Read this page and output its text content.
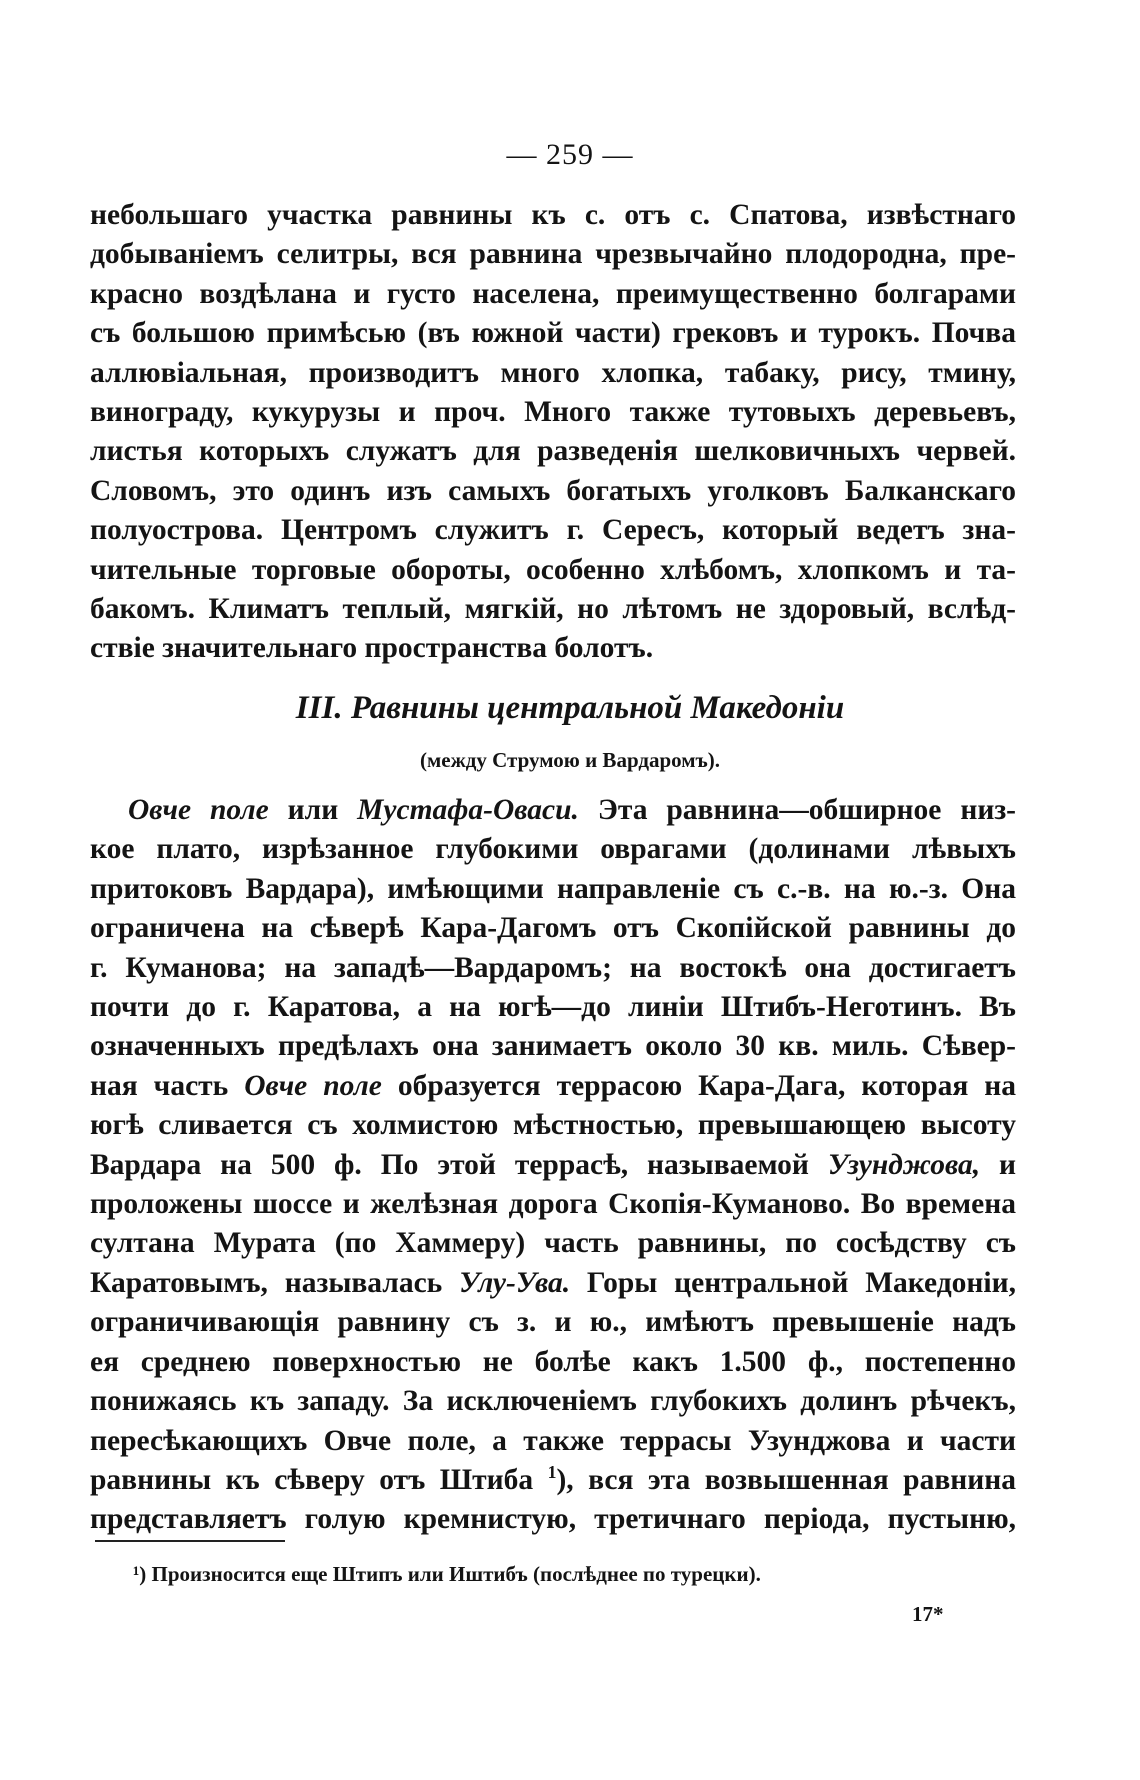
— 259 —
небольшаго участка равнины къ с. отъ с. Спатова, извѣстнаго
добываніемъ селитры, вся равнина чрезвычайно плодородна, пре-
красно воздѣлана и густо населена, преимущественно болгарами
съ большою примѣсью (въ южной части) грековъ и турокъ. Почва
аллювіальная, производитъ много хлопка, табаку, рису, тмину,
винограду, кукурузы и проч. Много также тутовыхъ деревьевъ,
листья которыхъ служатъ для разведенія шелковичныхъ червей.
Словомъ, это одинъ изъ самыхъ богатыхъ уголковъ Балканскаго
полуострова. Центромъ служитъ г. Сересъ, который ведетъ зна-
чительные торговые обороты, особенно хлѣбомъ, хлопкомъ и та-
бакомъ. Климатъ теплый, мягкій, но лѣтомъ не здоровый, вслѣд-
ствіе значительнаго пространства болотъ.
III. Равнины центральной Македоніи
(между Струмою и Вардаромъ).
Овче поле или Мустафа-Оваси. Эта равнина—обширное низ-
кое плато, изрѣзанное глубокими оврагами (долинами лѣвыхъ
притоковъ Вардара), имѣющими направленіе съ с.-в. на ю.-з. Она
ограничена на сѣверѣ Кара-Дагомъ отъ Скопійской равнины до
г. Куманова; на западѣ—Вардаромъ; на востокѣ она достигаетъ
почти до г. Каратова, а на югѣ—до линіи Штибъ-Неготинъ. Въ
означенныхъ предѣлахъ она занимаетъ около 30 кв. миль. Сѣвер-
ная часть Овче поле образуется террасою Кара-Дага, которая на
югѣ сливается съ холмистою мѣстностью, превышающею высоту
Вардара на 500 ф. По этой террасѣ, называемой Узунджова, и
проложены шоссе и желѣзная дорога Скопія-Куманово. Во времена
султана Мурата (по Хаммеру) часть равнины, по сосѣдству съ
Каратовымъ, называлась Улу-Ува. Горы центральной Македоніи,
ограничивающія равнину съ з. и ю., имѣютъ превышеніе надъ
ея среднею поверхностью не болѣе какъ 1.500 ф., постепенно
понижаясь къ западу. За исключеніемъ глубокихъ долинъ рѣчекъ,
пересѣкающихъ Овче поле, а также террасы Узунджова и части
равнины къ сѣверу отъ Штиба $^1$), вся эта возвышенная равнина
представляетъ голую кремнистую, третичнаго періода, пустыню,
¹) Произносится еще Штипъ или Иштибъ (послѣднее по турецки).
17*
